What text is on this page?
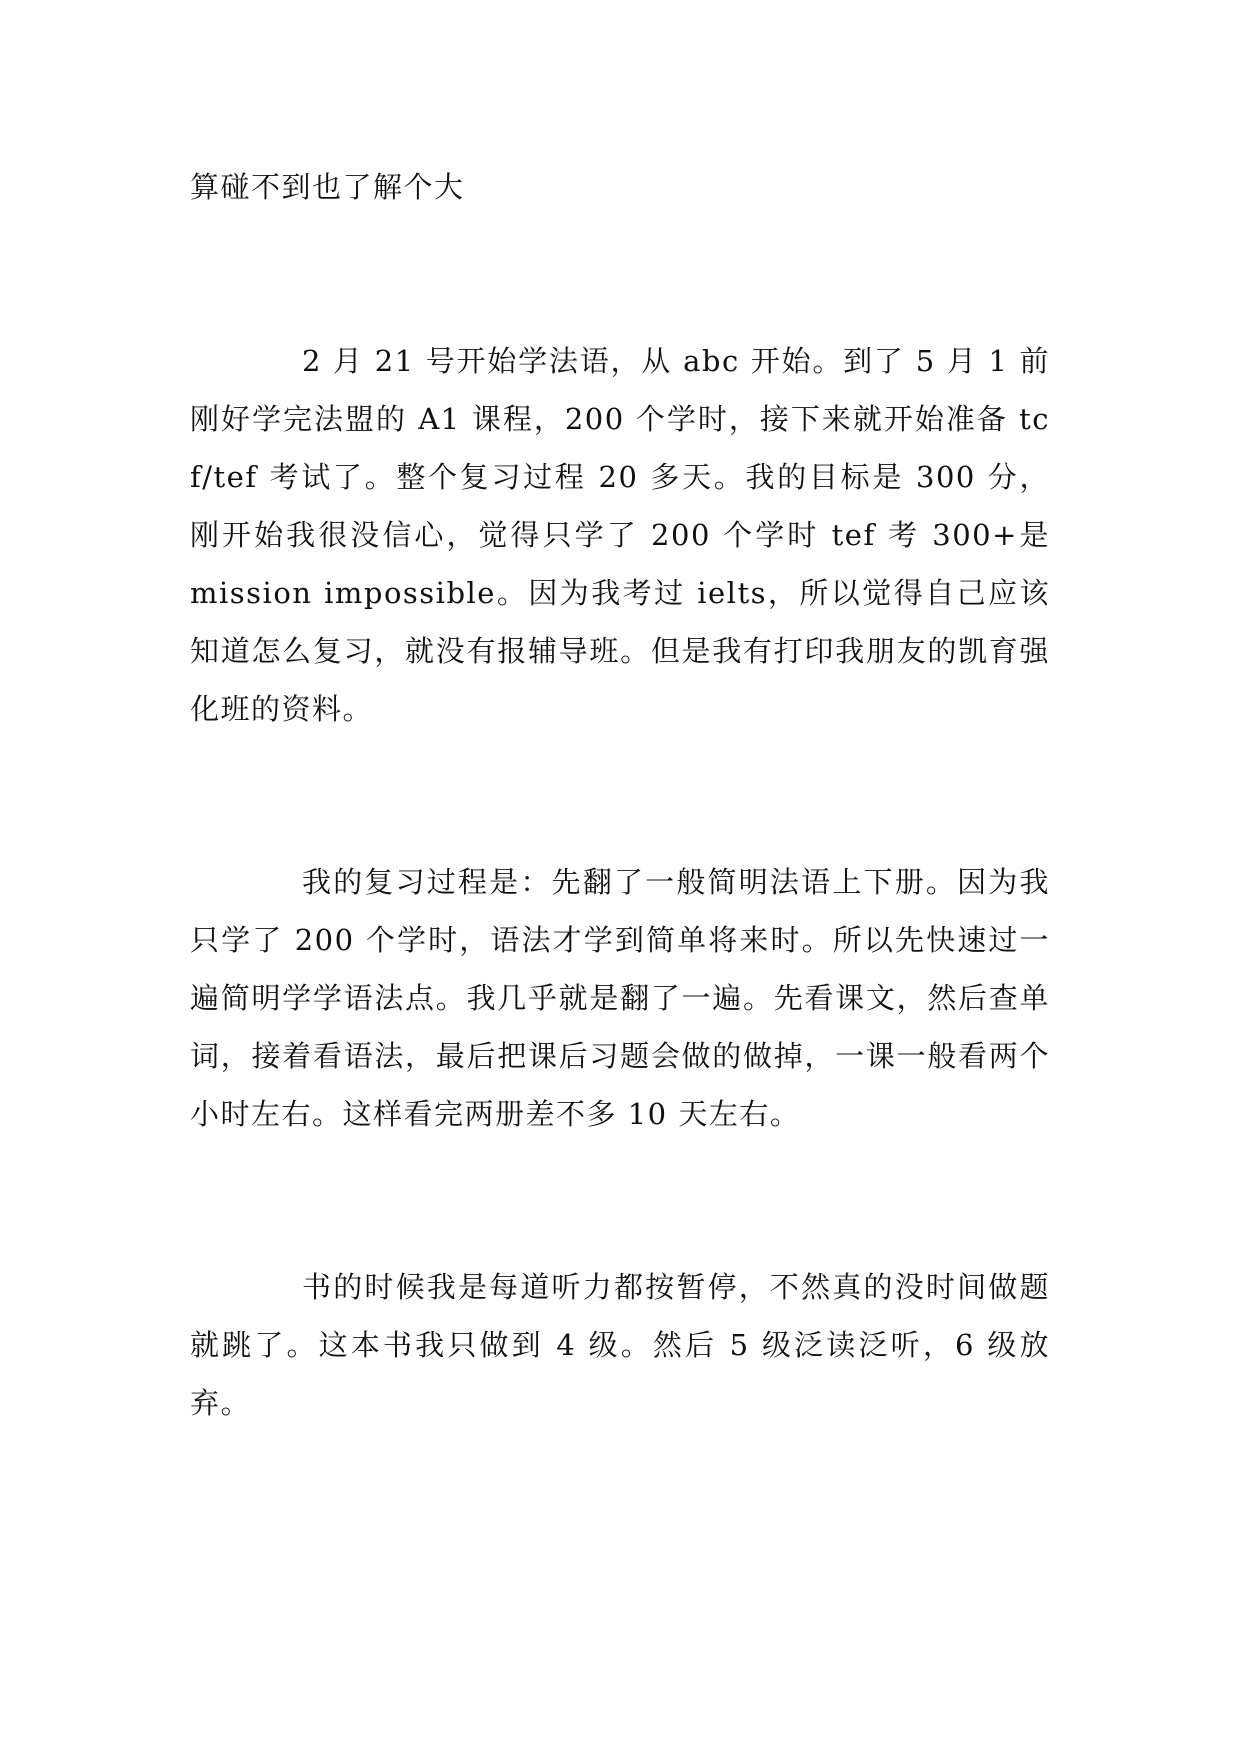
算碰不到也了解个大
2 月 21 号开始学法语，从 abc 开始。到了 5 月 1 前刚好学完法盟的 A1 课程，200 个学时，接下来就开始准备 tcf/tef 考试了。整个复习过程 20 多天。我的目标是 300 分，刚开始我很没信心，觉得只学了 200 个学时 tef 考 300+是 mission impossible。因为我考过 ielts，所以觉得自己应该知道怎么复习，就没有报辅导班。但是我有打印我朋友的凯育强化班的资料。
我的复习过程是：先翻了一般简明法语上下册。因为我只学了 200 个学时，语法才学到简单将来时。所以先快速过一遍简明学学语法点。我几乎就是翻了一遍。先看课文，然后查单词，接着看语法，最后把课后习题会做的做掉，一课一般看两个小时左右。这样看完两册差不多 10 天左右。
书的时候我是每道听力都按暂停，不然真的没时间做题就跳了。这本书我只做到 4 级。然后 5 级泛读泛听，6 级放弃。
